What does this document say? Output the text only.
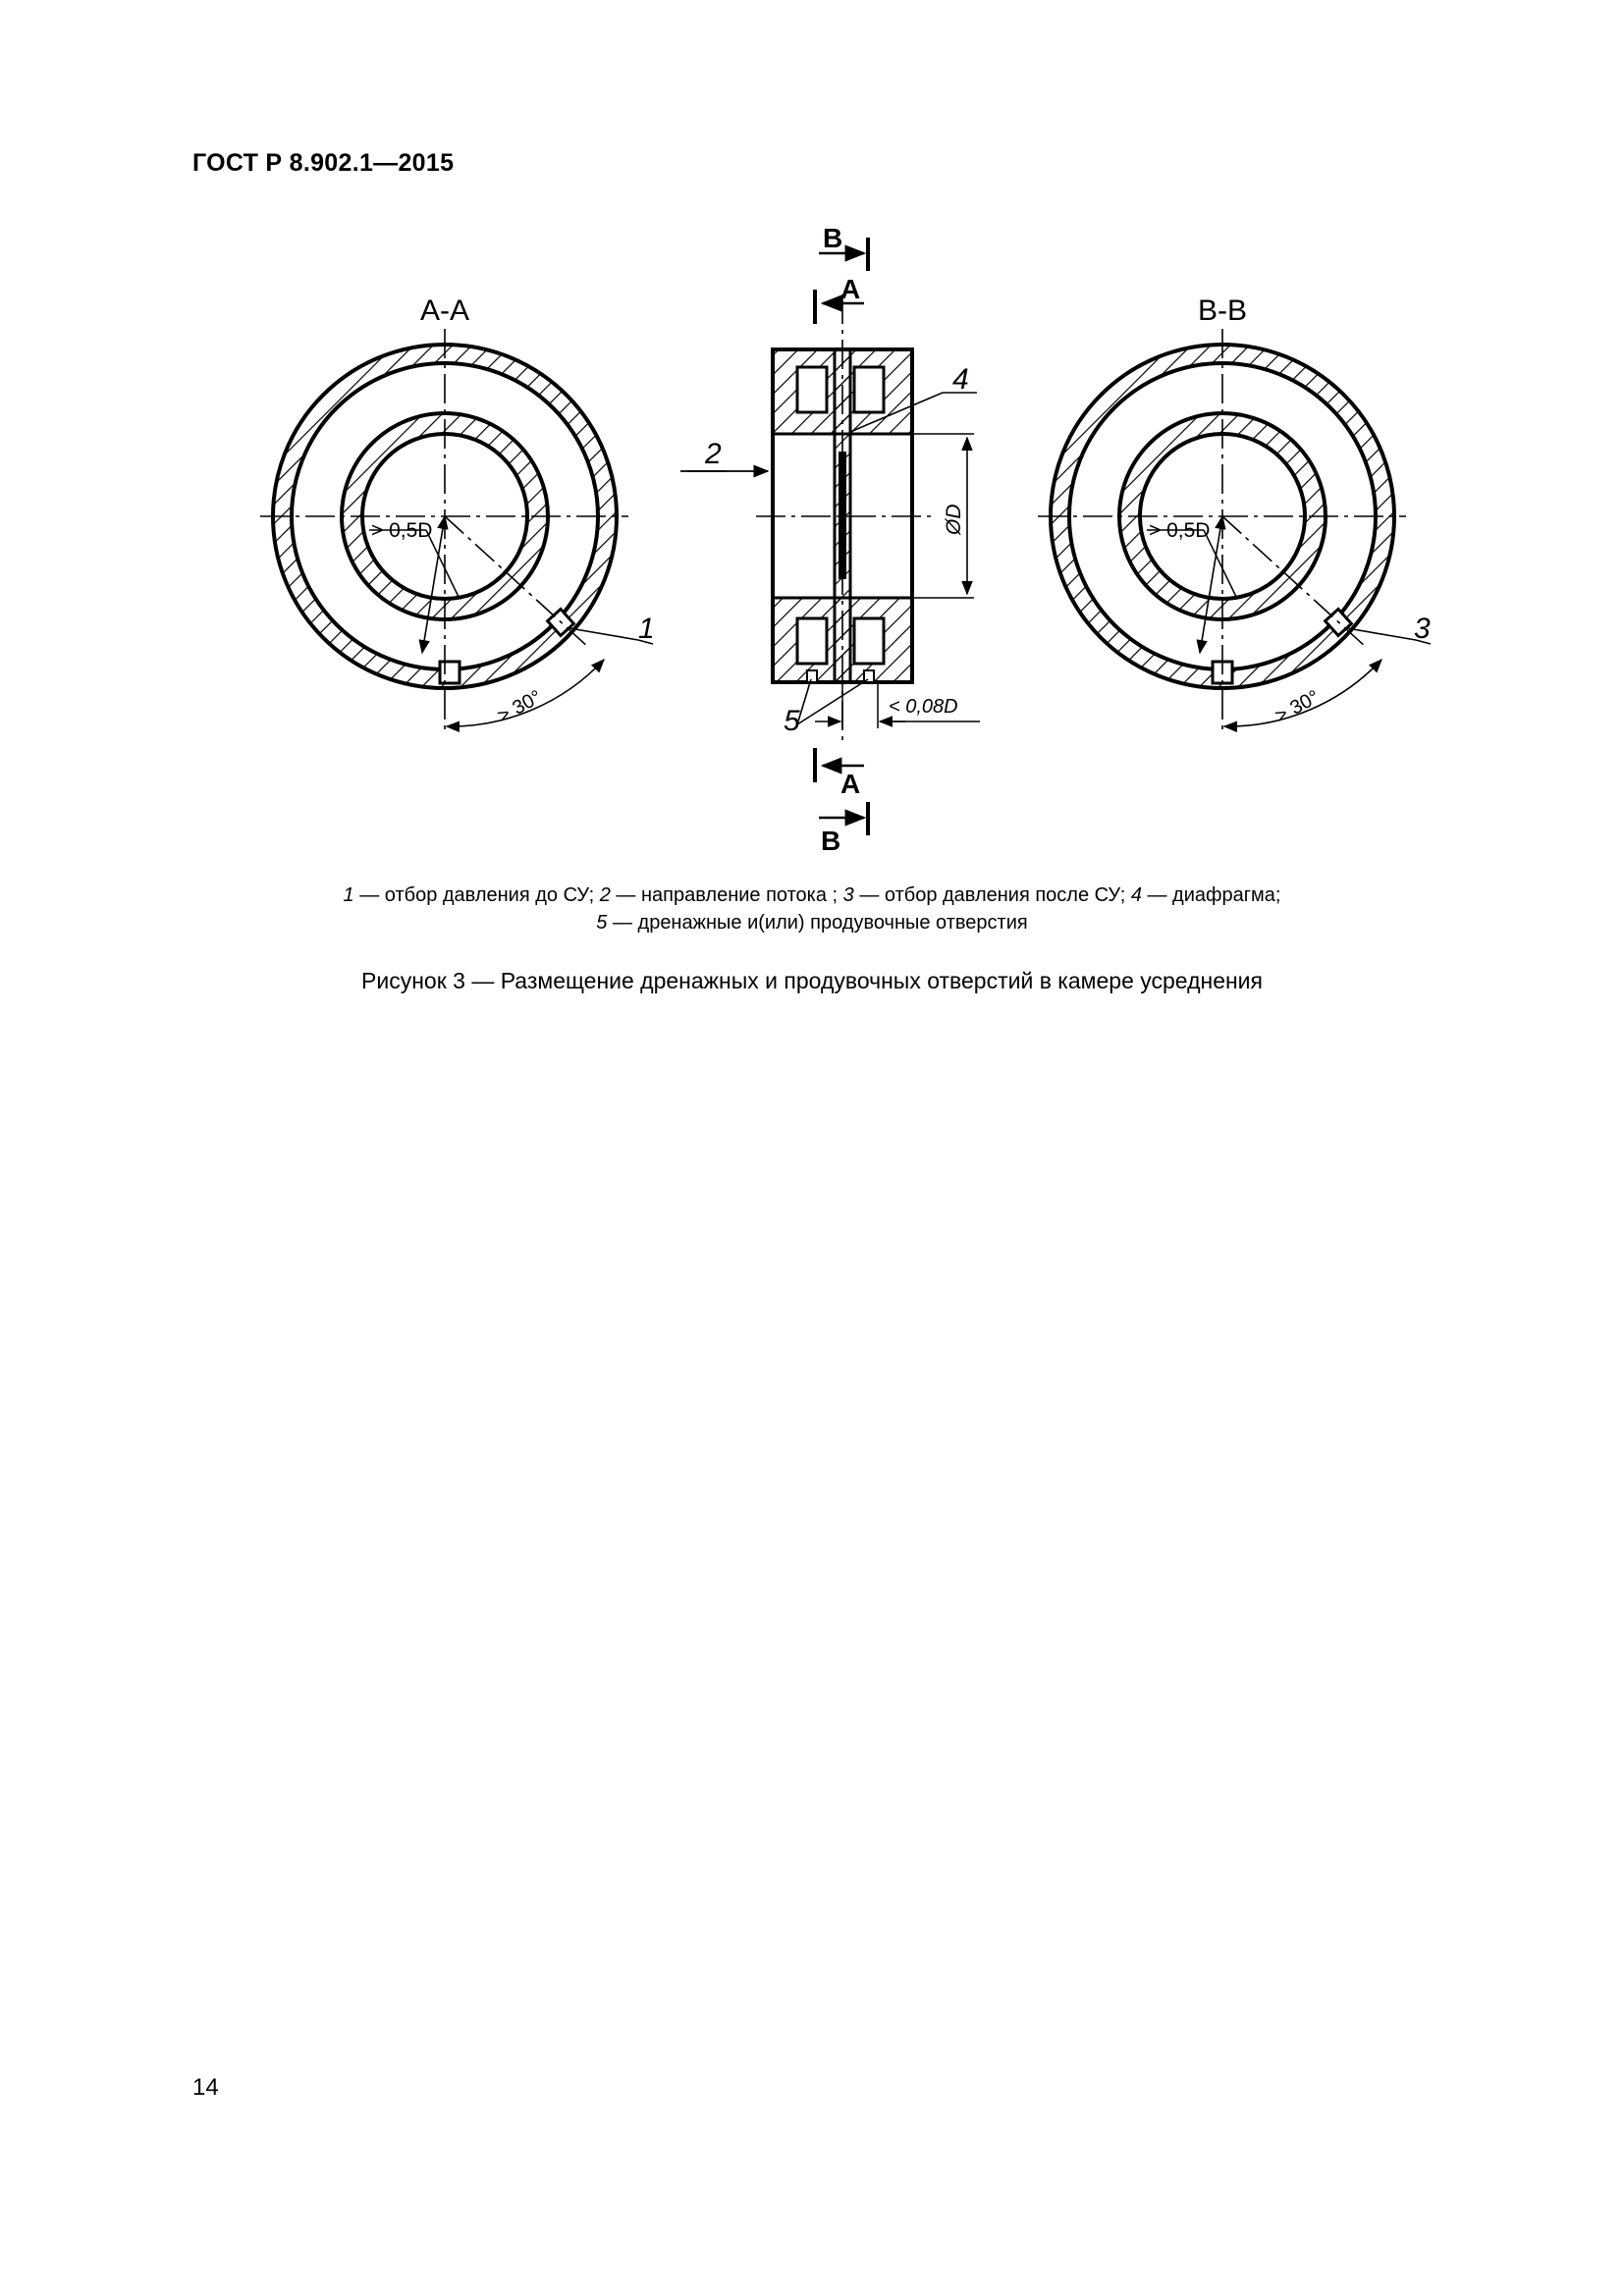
ГОСТ Р 8.902.1—2015
A-A
> 0,5D
> 30°
1
B-B
> 0,5D
> 30°
3
2
4
ØD
< 0,08D
5
B
A
A
B
1 — отбор давления до СУ; 2 — направление потока ; 3 — отбор давления после СУ; 4 — диафрагма;
5 — дренажные и(или) продувочные отверстия
Рисунок 3 — Размещение дренажных и продувочных отверстий в камере усреднения
14
